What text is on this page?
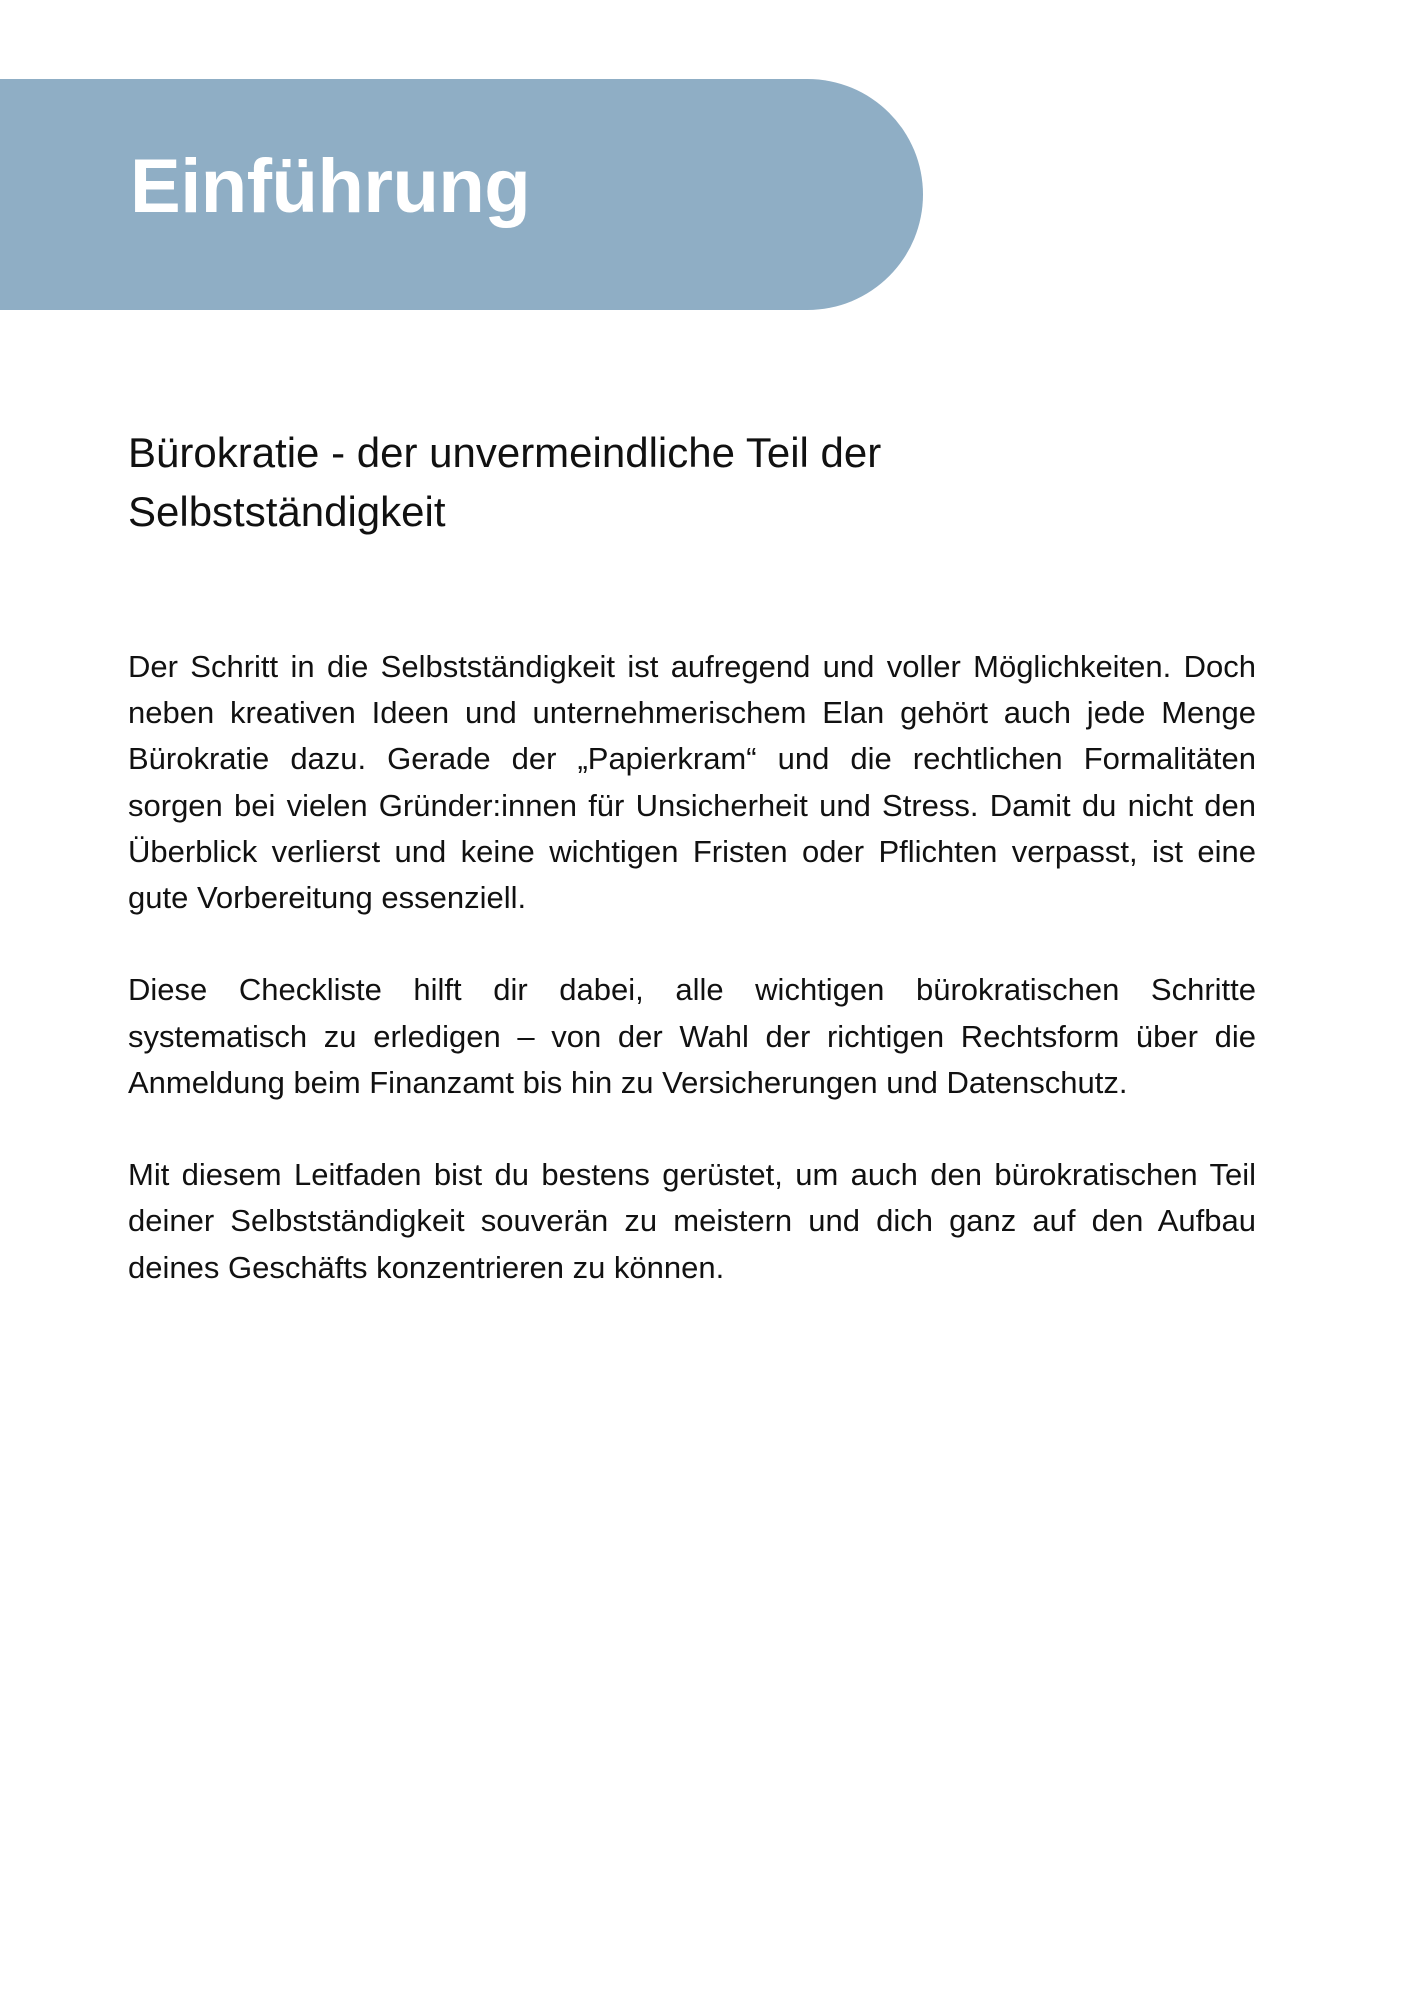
Einführung
Bürokratie - der unvermeindliche Teil der Selbstständigkeit

Der Schritt in die Selbstständigkeit ist aufregend und voller Möglichkeiten. Doch neben kreativen Ideen und unternehmerischem Elan gehört auch jede Menge Bürokratie dazu. Gerade der „Papierkram“ und die rechtlichen Formalitäten sorgen bei vielen Gründer:innen für Unsicherheit und Stress. Damit du nicht den Überblick verlierst und keine wichtigen Fristen oder Pflichten verpasst, ist eine gute Vorbereitung essenziell.

Diese Checkliste hilft dir dabei, alle wichtigen bürokratischen Schritte systematisch zu erledigen – von der Wahl der richtigen Rechtsform über die Anmeldung beim Finanzamt bis hin zu Versicherungen und Datenschutz.

Mit diesem Leitfaden bist du bestens gerüstet, um auch den bürokratischen Teil deiner Selbstständigkeit souverän zu meistern und dich ganz auf den Aufbau deines Geschäfts konzentrieren zu können.
